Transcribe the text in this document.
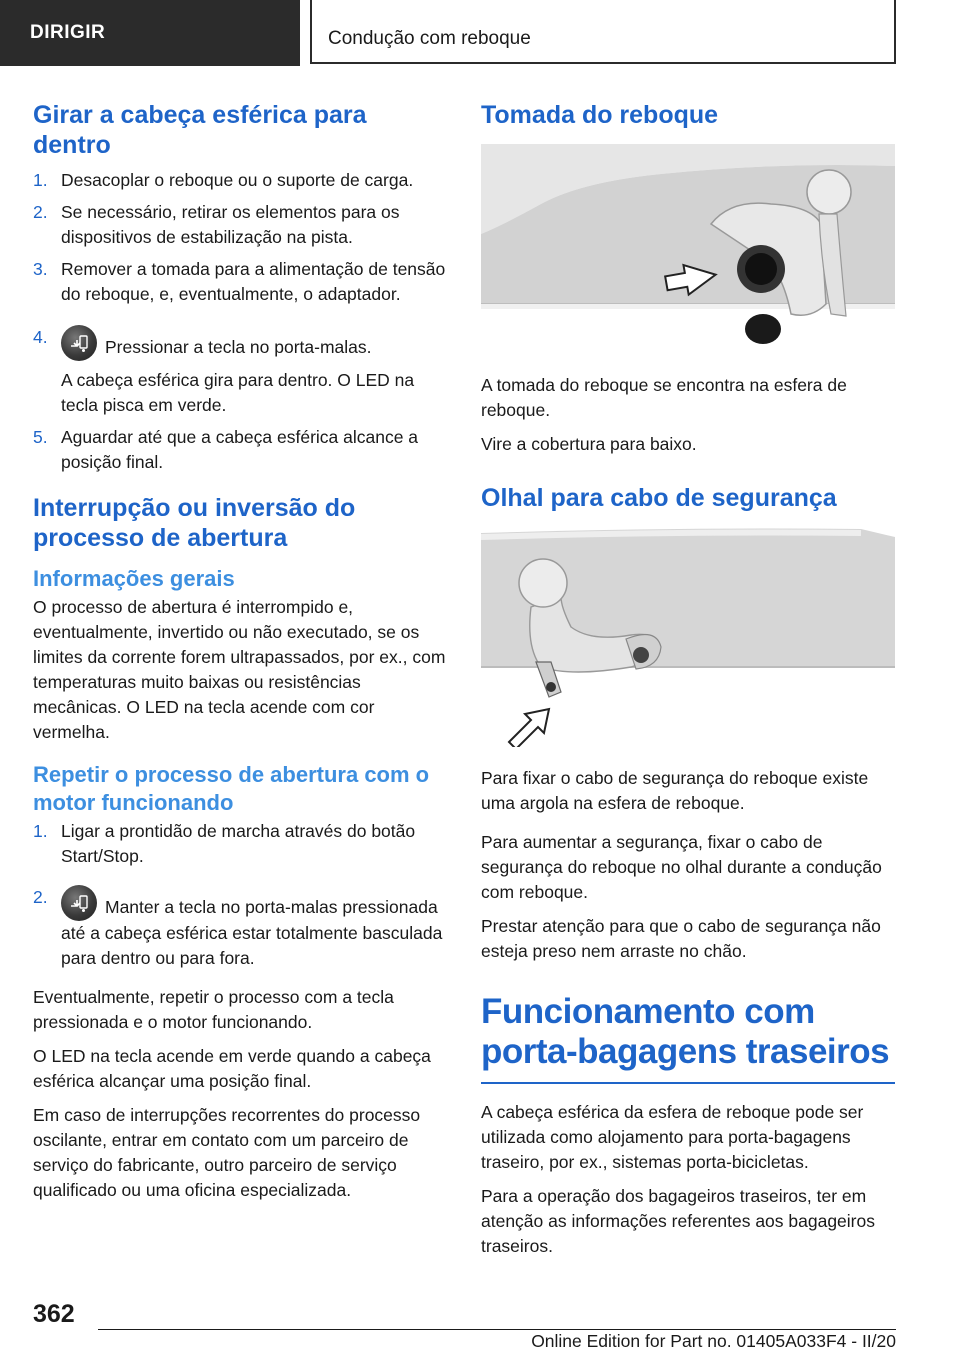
DIRIGIR	Condução com reboque
Girar a cabeça esférica para dentro
1. Desacoplar o reboque ou o suporte de carga.
2. Se necessário, retirar os elementos para os dispositivos de estabilização na pista.
3. Remover a tomada para a alimentação de tensão do reboque, e, eventualmente, o adaptador.
4.	Pressionar a tecla no porta-malas.
A cabeça esférica gira para dentro. O LED na tecla pisca em verde.
5. Aguardar até que a cabeça esférica alcance a posição final.
Interrupção ou inversão do processo de abertura
Informações gerais

O processo de abertura é interrompido e, eventualmente, invertido ou não executado, se os limites da corrente forem ultrapassados, por ex., com temperaturas muito baixas ou resistências mecânicas. O LED na tecla acende com cor vermelha.

Repetir o processo de abertura com o motor funcionando
1. Ligar a prontidão de marcha através do botão Start/Stop.
2.	Manter a tecla no porta-malas pressionada até a cabeça esférica estar totalmente basculada para dentro ou para fora.

Eventualmente, repetir o processo com a tecla pressionada e o motor funcionando.

O LED na tecla acende em verde quando a cabeça esférica alcançar uma posição final.

Em caso de interrupções recorrentes do processo oscilante, entrar em contato com um parceiro de serviço do fabricante, outro parceiro de serviço qualificado ou uma oficina especializada.

Tomada do reboque

A tomada do reboque se encontra na esfera de reboque.

Vire a cobertura para baixo.

Olhal para cabo de segurança

Para fixar o cabo de segurança do reboque existe uma argola na esfera de reboque.

Para aumentar a segurança, fixar o cabo de segurança do reboque no olhal durante a condução com reboque.

Prestar atenção para que o cabo de segurança não esteja preso nem arraste no chão.

Funcionamento com porta-bagagens traseiros

A cabeça esférica da esfera de reboque pode ser utilizada como alojamento para porta-bagagens traseiro, por ex., sistemas porta-bicicletas.

Para a operação dos bagageiros traseiros, ter em atenção as informações referentes aos bagageiros traseiros.

362
Online Edition for Part no. 01405A033F4 - II/20
